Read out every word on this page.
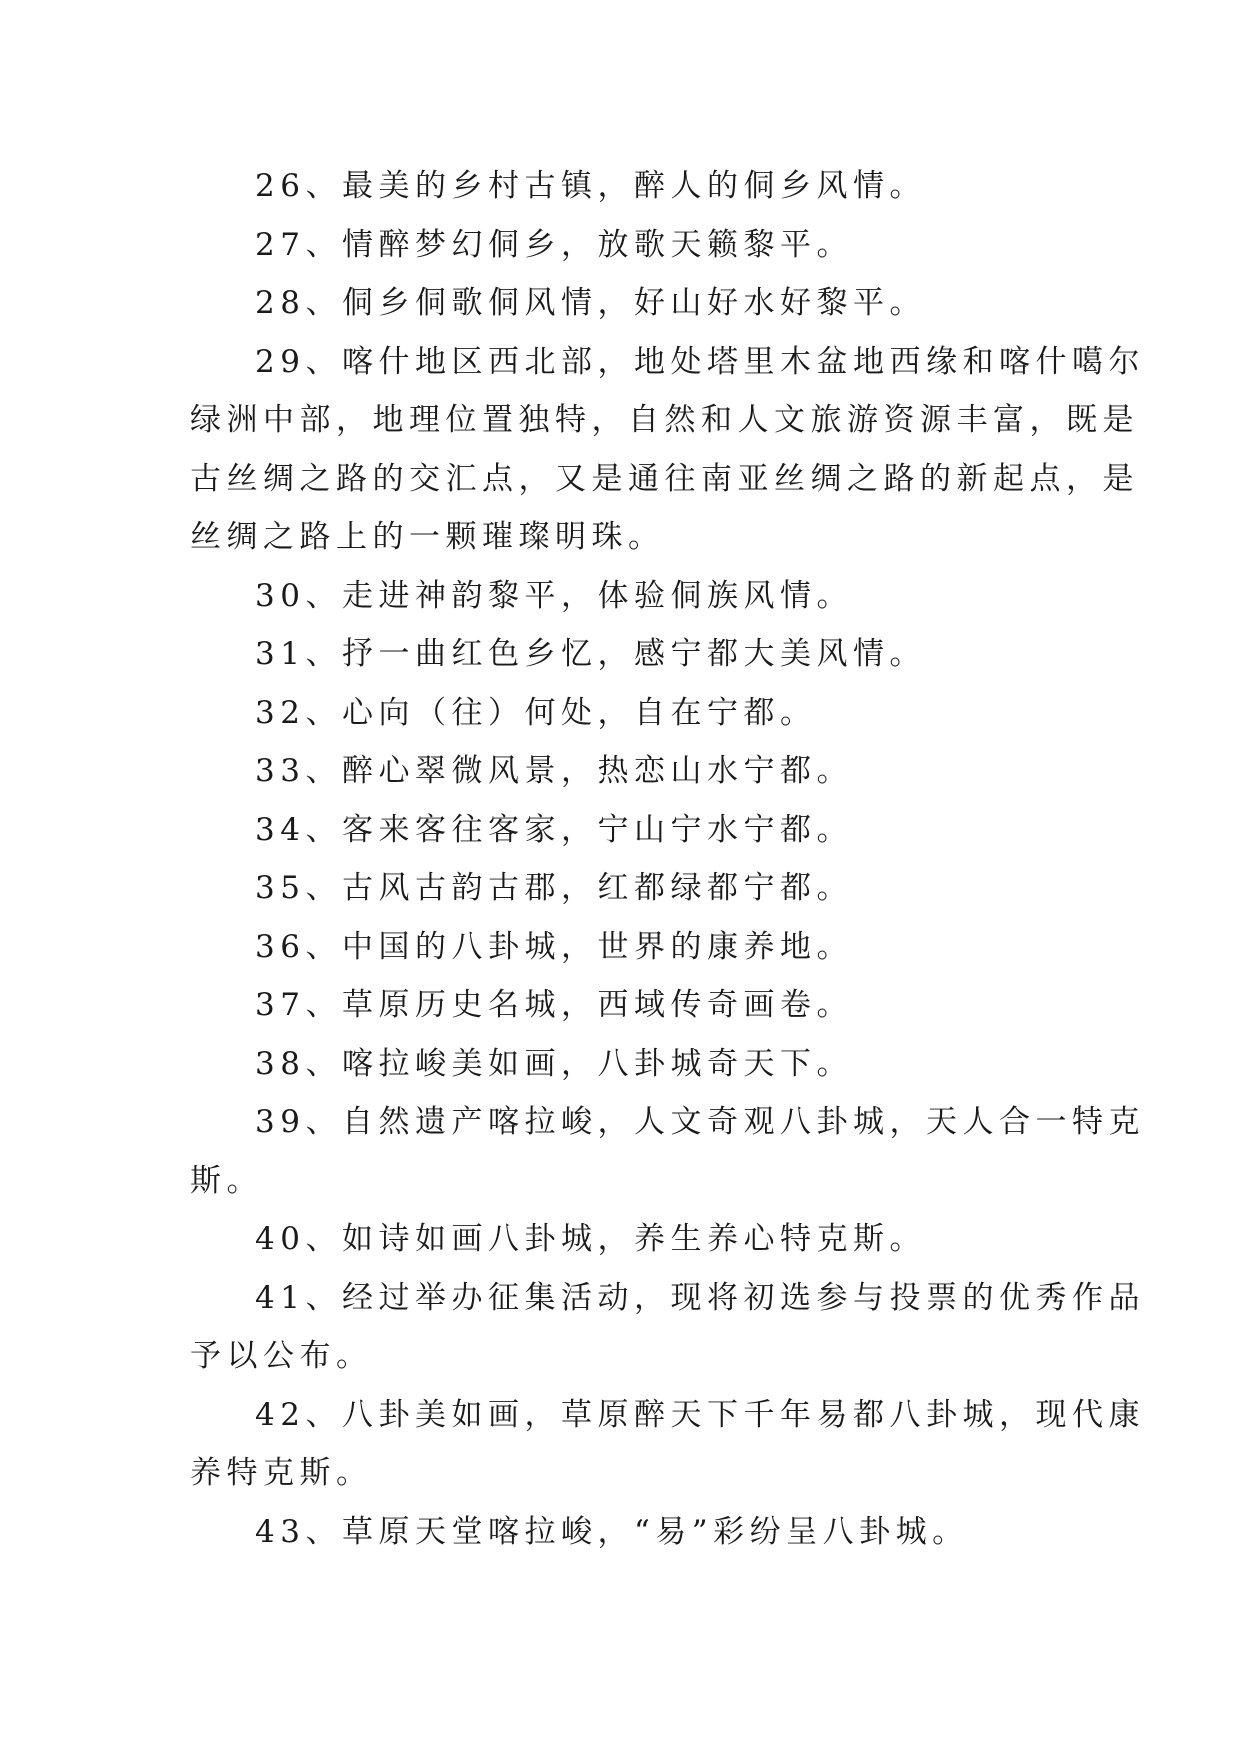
26、最美的乡村古镇，醉人的侗乡风情。

27、情醉梦幻侗乡，放歌天籁黎平。

28、侗乡侗歌侗风情，好山好水好黎平。

29、喀什地区西北部，地处塔里木盆地西缘和喀什噶尔

绿洲中部，地理位置独特，自然和人文旅游资源丰富，既是

古丝绸之路的交汇点，又是通往南亚丝绸之路的新起点，是

丝绸之路上的一颗璀璨明珠。

30、走进神韵黎平，体验侗族风情。

31、抒一曲红色乡忆，感宁都大美风情。

32、心向（往）何处，自在宁都。

33、醉心翠微风景，热恋山水宁都。

34、客来客往客家，宁山宁水宁都。

35、古风古韵古郡，红都绿都宁都。

36、中国的八卦城，世界的康养地。

37、草原历史名城，西域传奇画卷。

38、喀拉峻美如画，八卦城奇天下。

39、自然遗产喀拉峻，人文奇观八卦城，天人合一特克

斯。

40、如诗如画八卦城，养生养心特克斯。

41、经过举办征集活动，现将初选参与投票的优秀作品

予以公布。

42、八卦美如画，草原醉天下千年易都八卦城，现代康

养特克斯。

43、草原天堂喀拉峻，“易”彩纷呈八卦城。
